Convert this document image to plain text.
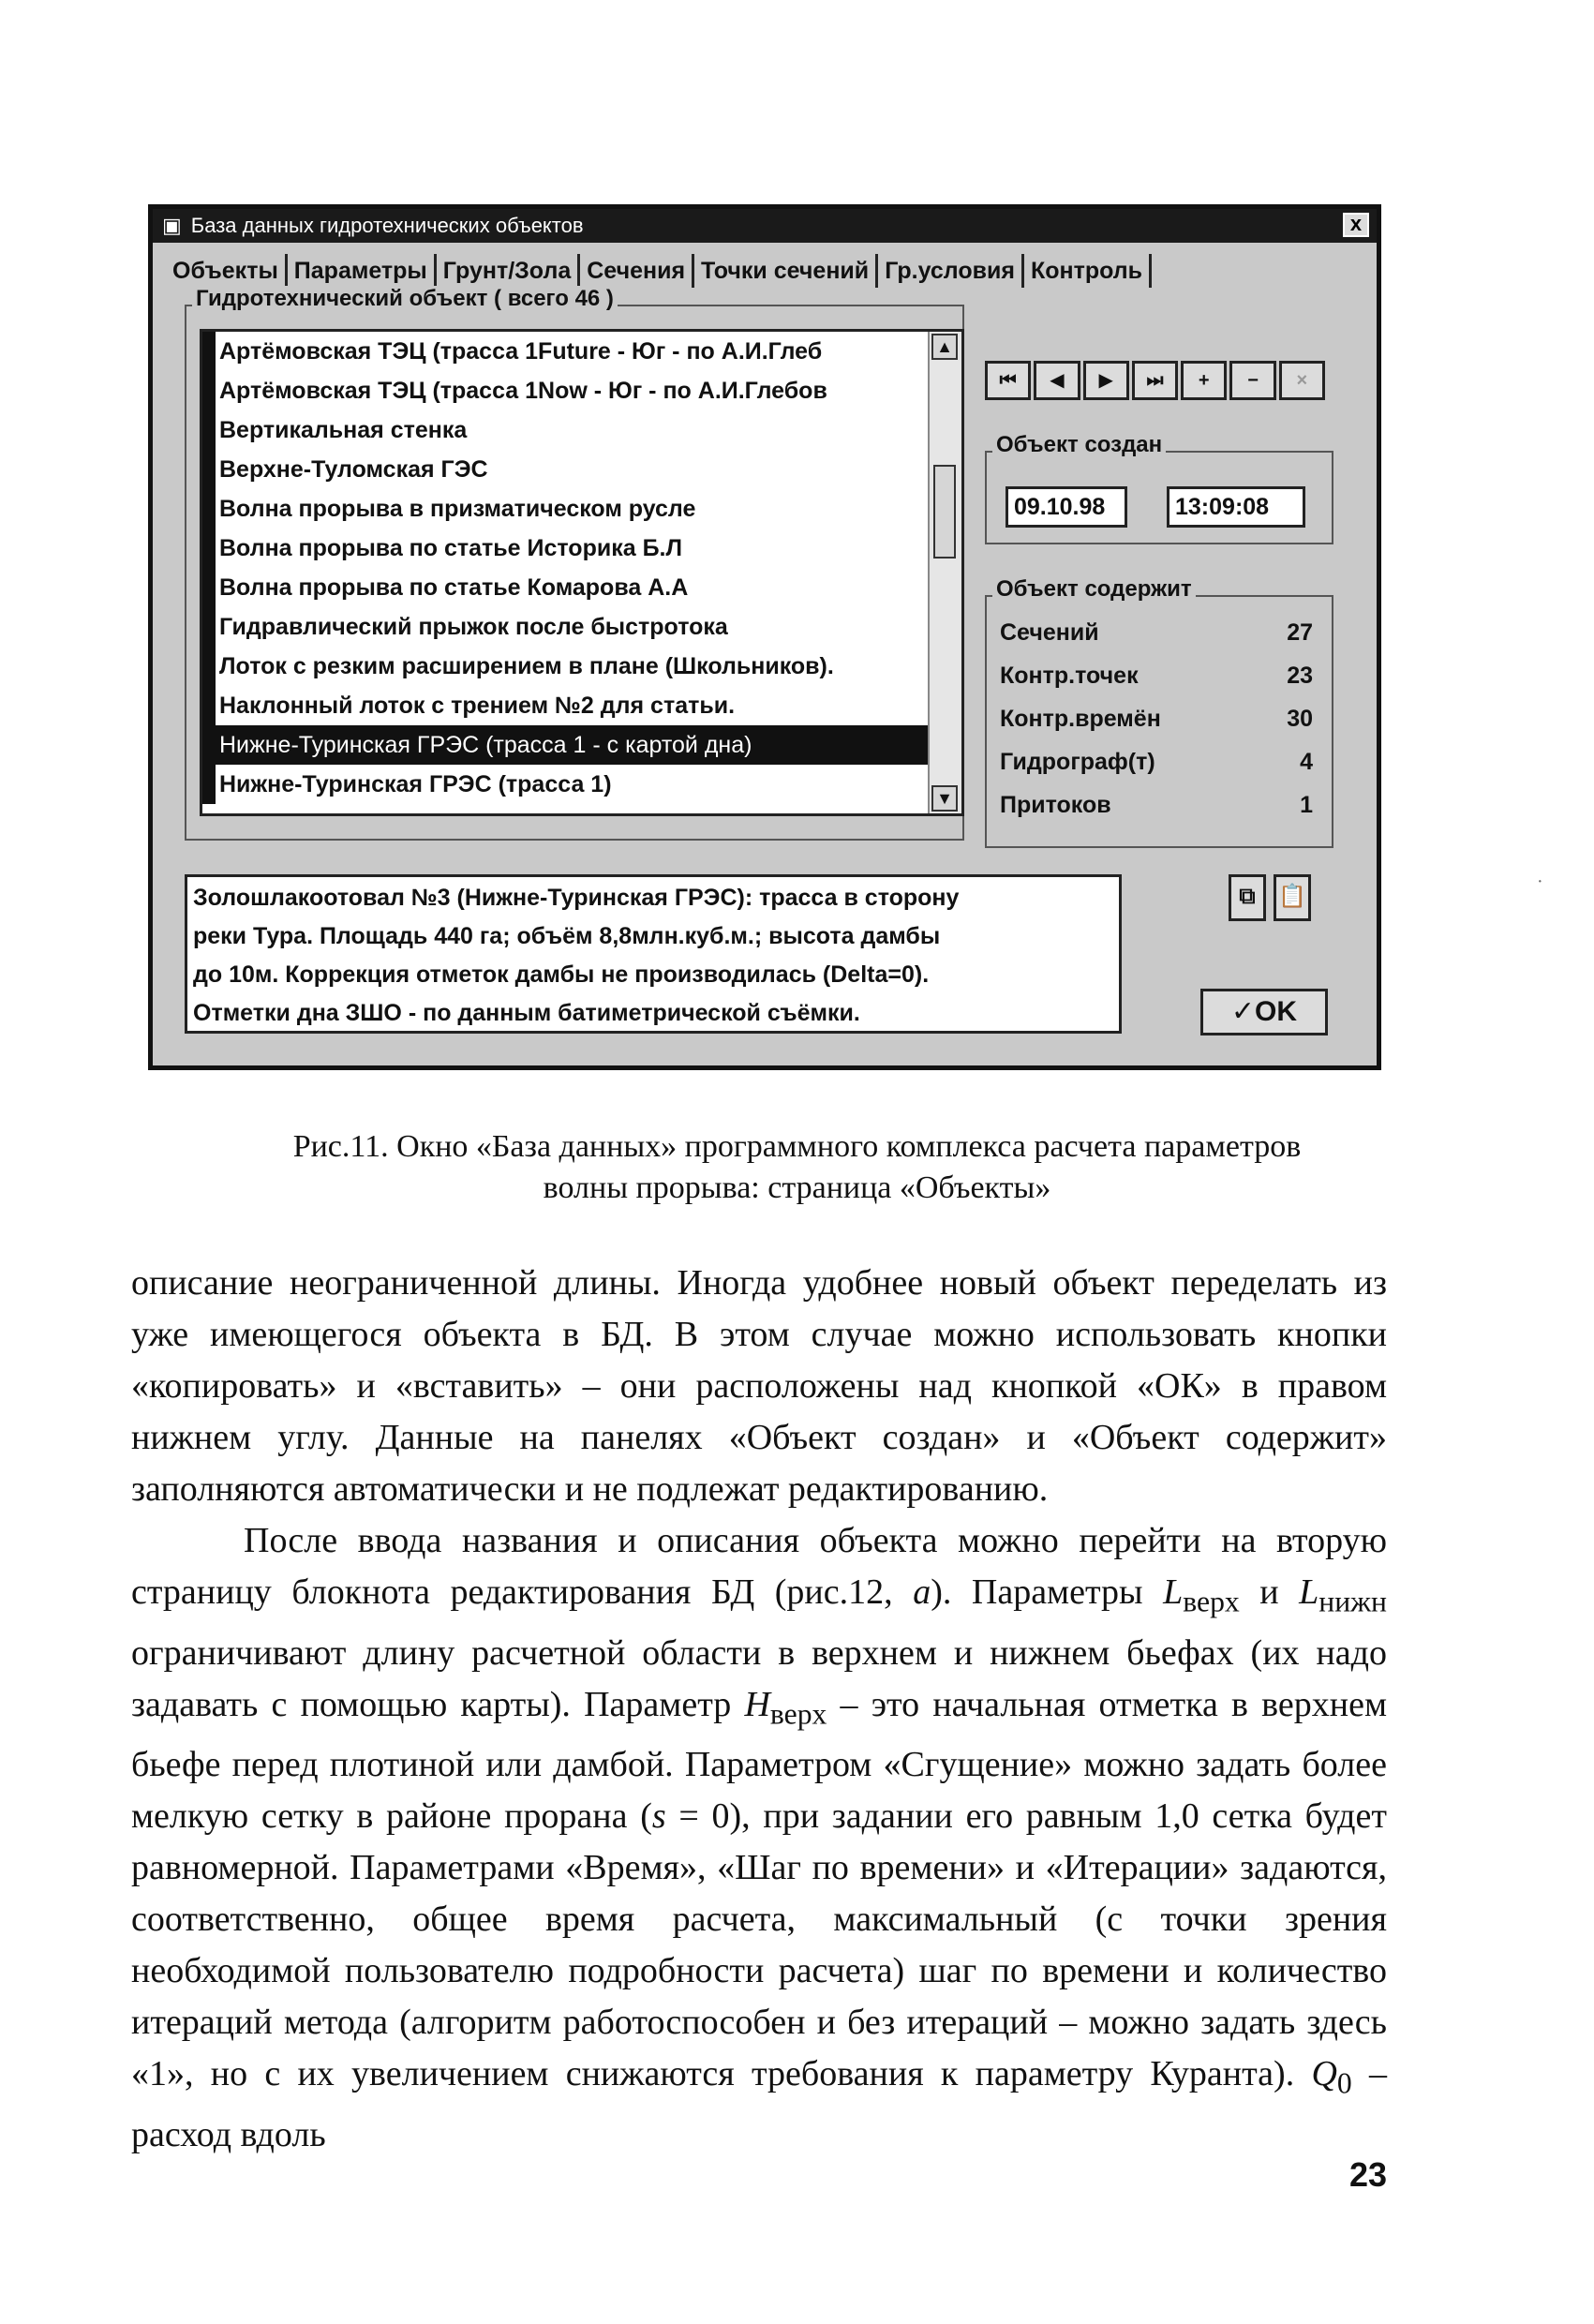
▣ База данных гидротехнических объектов	x
Объекты Параметры Грунт/Зола Сечения Точки сечений Гр.условия Контроль
Гидротехнический объект ( всего 46 )
Артёмовская ТЭЦ (трасса 1Future - Юг - по А.И.Глеб
Артёмовская ТЭЦ (трасса 1Now - Юг - по А.И.Глебов
Вертикальная стенка
Верхне-Туломская ГЭС
Волна прорыва в призматическом русле
Волна прорыва по статье Историка Б.Л
Волна прорыва по статье Комарова А.А
Гидравлический прыжок после быстротока
Лоток с резким расширением в плане (Школьников).
Наклонный лоток с трением №2 для статьи.
Нижне-Туринская ГРЭС (трасса 1 - с картой дна)
Нижне-Туринская ГРЭС (трасса 1)
▲
▼
⏮	◀	▶	⏭	+	−	×
Объект создан
09.10.98	13:09:08
Объект содержит
Сечений	27
Контр.точек	23
Контр.времён	30
Гидрограф(т)	4
Притоков	1
Золошлакоотовал №3 (Нижне-Туринская ГРЭС): трасса в сторону
реки Тура. Площадь 440 га; объём 8,8млн.куб.м.; высота дамбы
до 10м. Коррекция отметок дамбы не производилась (Delta=0).
Отметки дна ЗШО - по данным батиметрической съёмки.
⧉	📋
✓OK
Рис.11. Окно «База данных» программного комплекса расчета параметров
волны прорыва: страница «Объекты»

описание неограниченной длины. Иногда удобнее новый объект переделать из уже имеющегося объекта в БД. В этом случае можно использовать кнопки «копировать» и «вставить» – они расположены над кнопкой «ОК» в правом нижнем углу. Данные на панелях «Объект создан» и «Объект содержит» заполняются автоматически и не подлежат редактированию.

После ввода названия и описания объекта можно перейти на вторую страницу блокнота редактирования БД (рис.12, а). Параметры $L_{верх}$ и $L_{нижн}$ ограничивают длину расчетной области в верхнем и нижнем бьефах (их надо задавать с помощью карты). Параметр $H_{верх}$ – это начальная отметка в верхнем бьефе перед плотиной или дамбой. Параметром «Сгущение» можно задать более мелкую сетку в районе прорана (s = 0), при задании его равным 1,0 сетка будет равномерной. Параметрами «Время», «Шаг по времени» и «Итерации» задаются, соответственно, общее время расчета, максимальный (с точки зрения необходимой пользователю подробности расчета) шаг по времени и количество итераций метода (алгоритм работоспособен и без итераций – можно задать здесь «1», но с их увеличением снижаются требования к параметру Куранта). $Q_0$ – расход вдоль

23
·
